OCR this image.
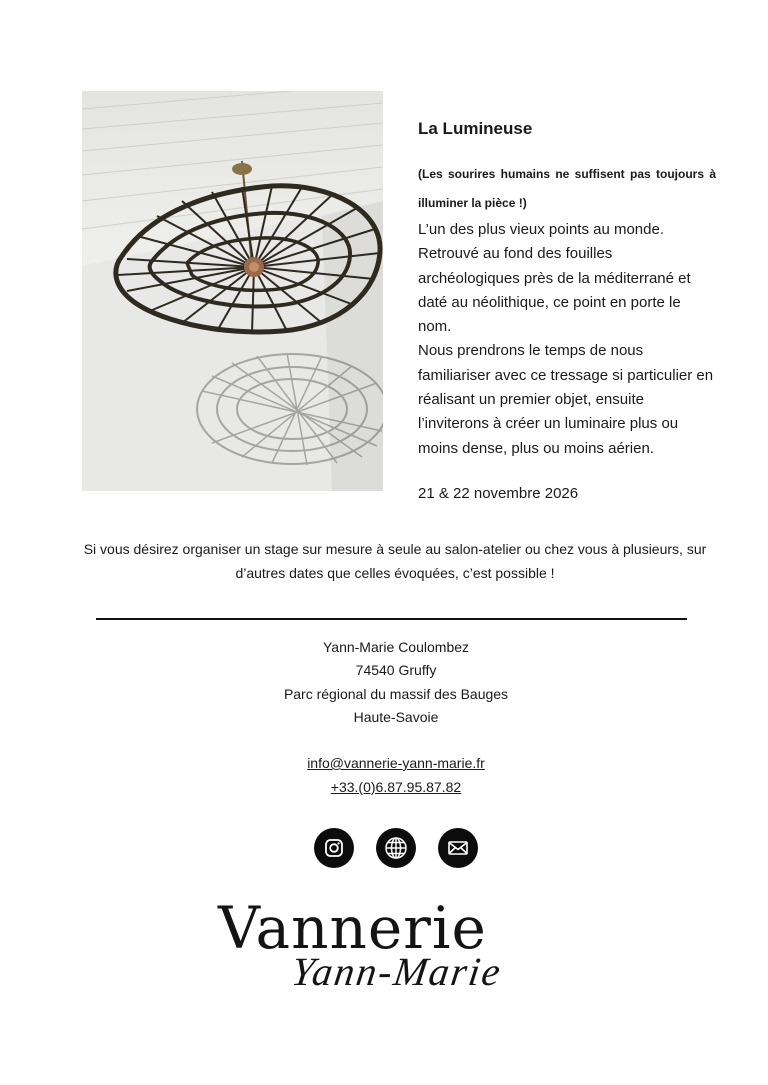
La Lumineuse

(Les sourires humains ne suffisent pas toujours à illuminer la pièce !)

L’un des plus vieux points au monde. Retrouvé au fond des fouilles archéologiques près de la méditerrané et daté au néolithique, ce point en porte le nom.

Nous prendrons le temps de nous familiariser avec ce tressage si particulier en réalisant un premier objet, ensuite l’inviterons à créer un luminaire plus ou moins dense, plus ou moins aérien.

21 & 22 novembre 2026
Si vous désirez organiser un stage sur mesure à seule au salon-atelier ou chez vous à plusieurs, sur d’autres dates que celles évoquées, c’est possible !
Yann-Marie Coulombez
74540 Gruffy
Parc régional du massif des Bauges
Haute-Savoie
info@vannerie-yann-marie.fr
+33.(0)6.87.95.87.82
Vannerie
Yann-Marie
